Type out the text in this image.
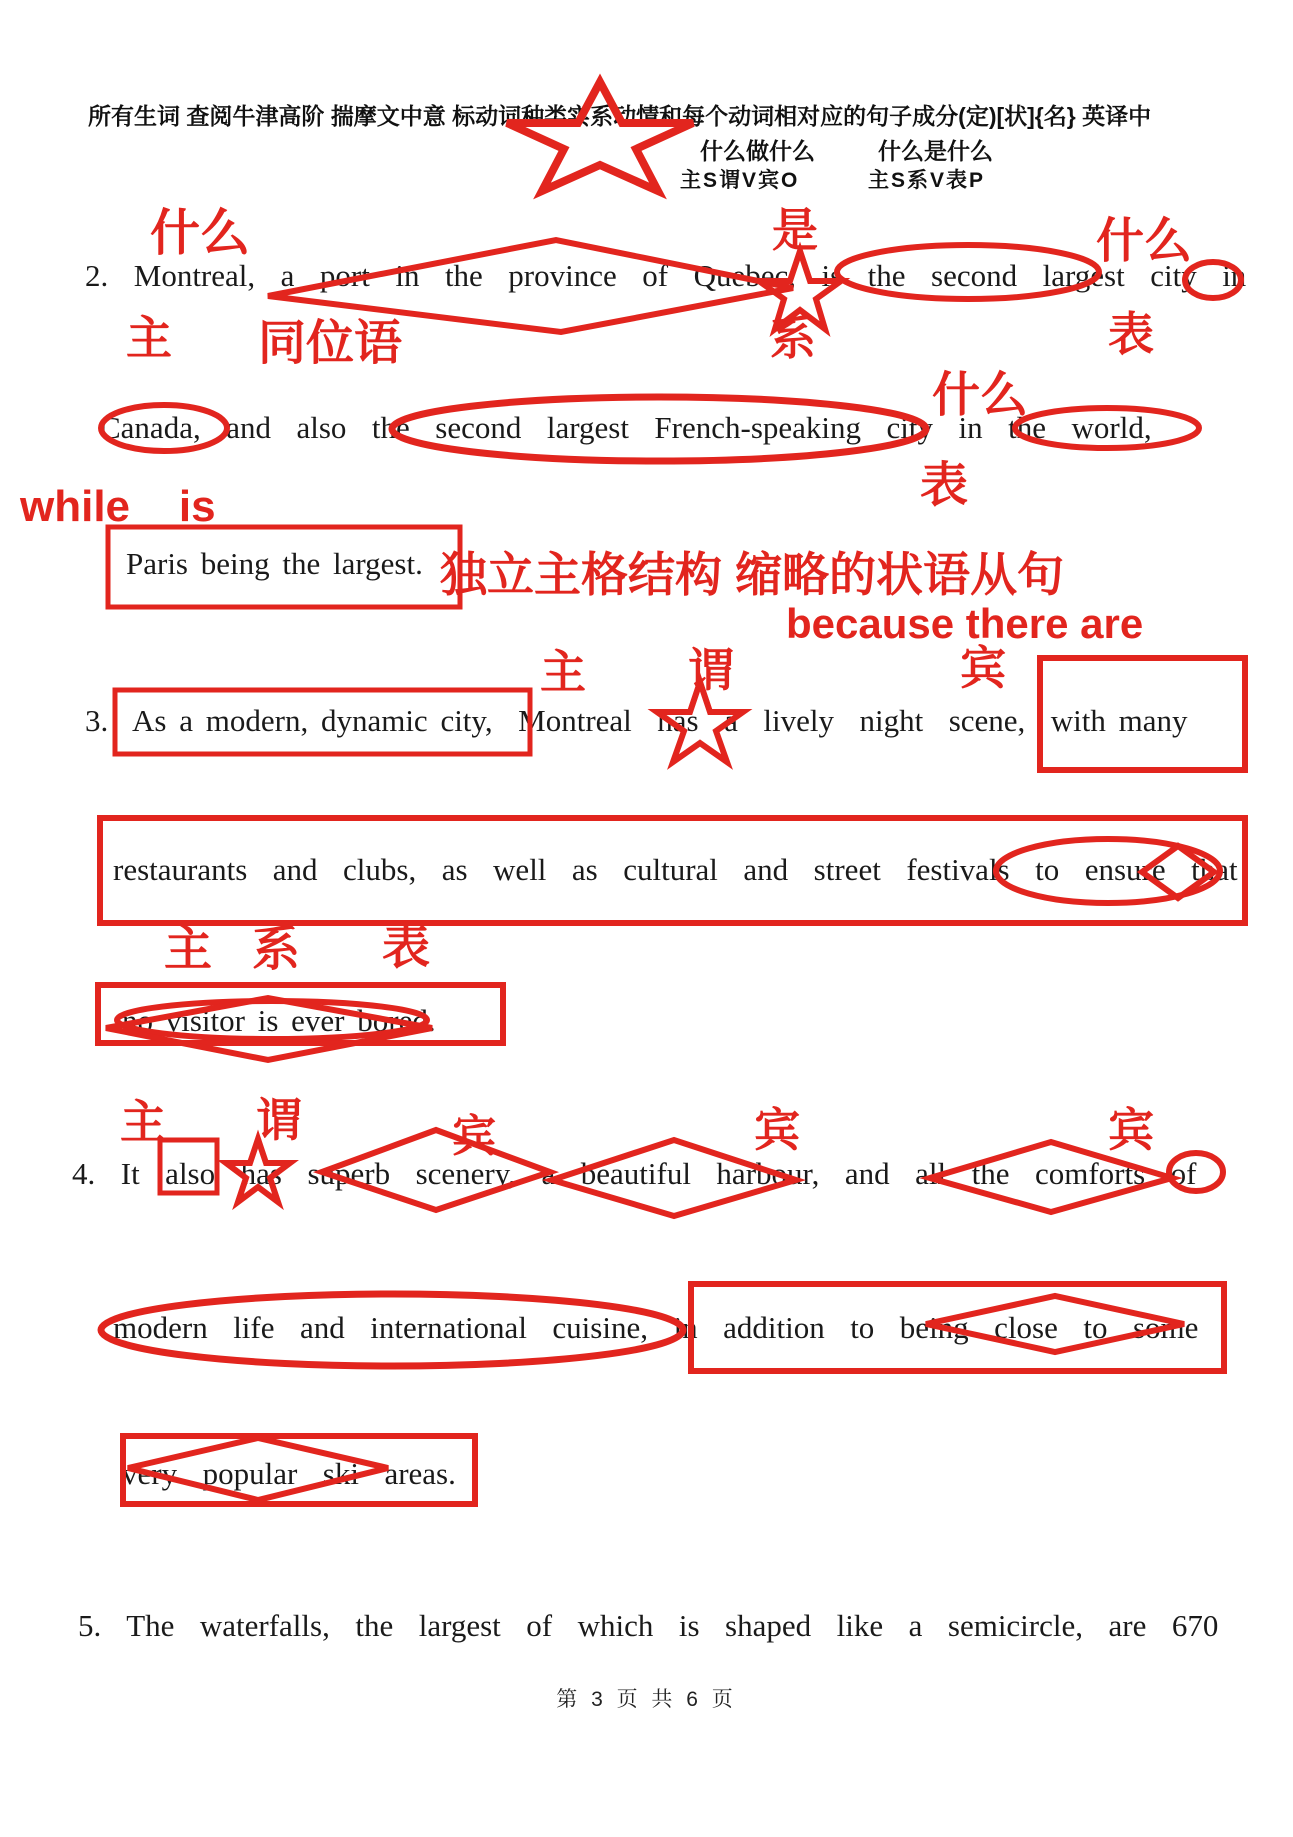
所有生词 查阅牛津高阶 揣摩文中意 标动词种类实系动情和每个动词相对应的句子成分(定)[状]{名} 英译中
什么做什么	什么是什么
主S谓V宾O	主S系V表P
2.  Montreal,  a  port  in  the  province  of  Quebec,  is  the  second  largest  city  in
Canada,  and  also  the  second  largest  French-speaking  city  in  the  world,
Paris being the largest.
3.  As a modern, dynamic city,  Montreal  has  a  lively  night  scene,  with many
restaurants  and  clubs,  as  well  as  cultural  and  street  festivals  to  ensure  that
no visitor is ever bored.
4.  It  also  has  superb  scenery,  a  beautiful  harbour,  and  all  the  comforts  of
modern  life  and  international  cuisine,  in  addition  to  being  close  to  some
very  popular  ski  areas.
5.  The  waterfalls,  the  largest  of  which  is  shaped  like  a  semicircle,  are  670
第 3 页 共 6 页
什么	是	什么
主 同位语	系	表
什么
表
while    is
独立主格结构 缩略的状语从句
because there are
主 谓	宾
主 系 表
主 谓	宾	宾	宾
